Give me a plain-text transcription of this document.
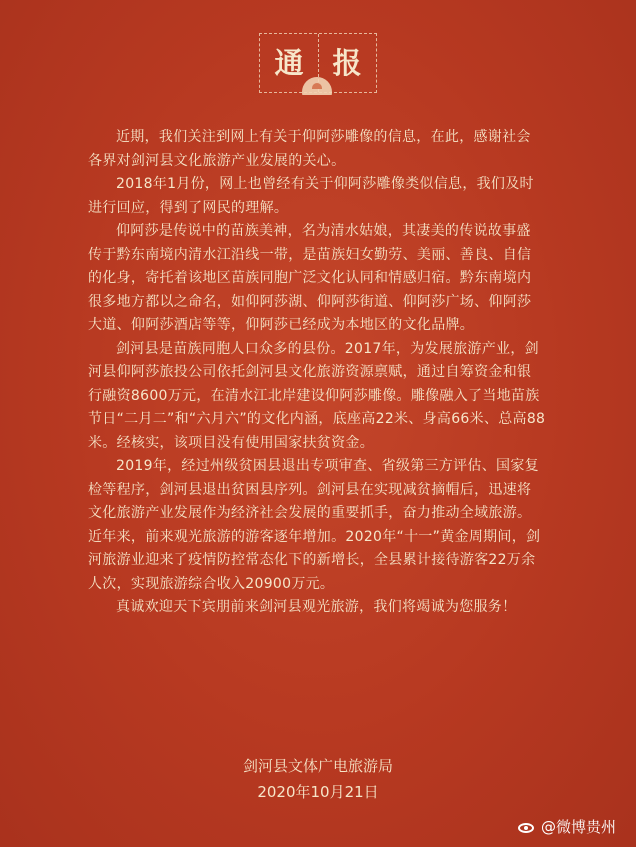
通 报

近期，我们关注到网上有关于仰阿莎雕像的信息，在此，感谢社会
各界对剑河县文化旅游产业发展的关心。

2018年1月份，网上也曾经有关于仰阿莎雕像类似信息，我们及时
进行回应，得到了网民的理解。

仰阿莎是传说中的苗族美神，名为清水姑娘，其凄美的传说故事盛
传于黔东南境内清水江沿线一带，是苗族妇女勤劳、美丽、善良、自信
的化身，寄托着该地区苗族同胞广泛文化认同和情感归宿。黔东南境内
很多地方都以之命名，如仰阿莎湖、仰阿莎街道、仰阿莎广场、仰阿莎
大道、仰阿莎酒店等等，仰阿莎已经成为本地区的文化品牌。

剑河县是苗族同胞人口众多的县份。2017年，为发展旅游产业，剑
河县仰阿莎旅投公司依托剑河县文化旅游资源禀赋，通过自筹资金和银
行融资8600万元，在清水江北岸建设仰阿莎雕像。雕像融入了当地苗族
节日“二月二”和“六月六”的文化内涵，底座高22米、身高66米、总高88
米。经核实，该项目没有使用国家扶贫资金。

2019年，经过州级贫困县退出专项审查、省级第三方评估、国家复
检等程序，剑河县退出贫困县序列。剑河县在实现减贫摘帽后，迅速将
文化旅游产业发展作为经济社会发展的重要抓手，奋力推动全域旅游。
近年来，前来观光旅游的游客逐年增加。2020年“十一”黄金周期间，剑
河旅游业迎来了疫情防控常态化下的新增长，全县累计接待游客22万余
人次，实现旅游综合收入20900万元。

真诚欢迎天下宾朋前来剑河县观光旅游，我们将竭诚为您服务！

剑河县文体广电旅游局
2020年10月21日
@微博贵州
